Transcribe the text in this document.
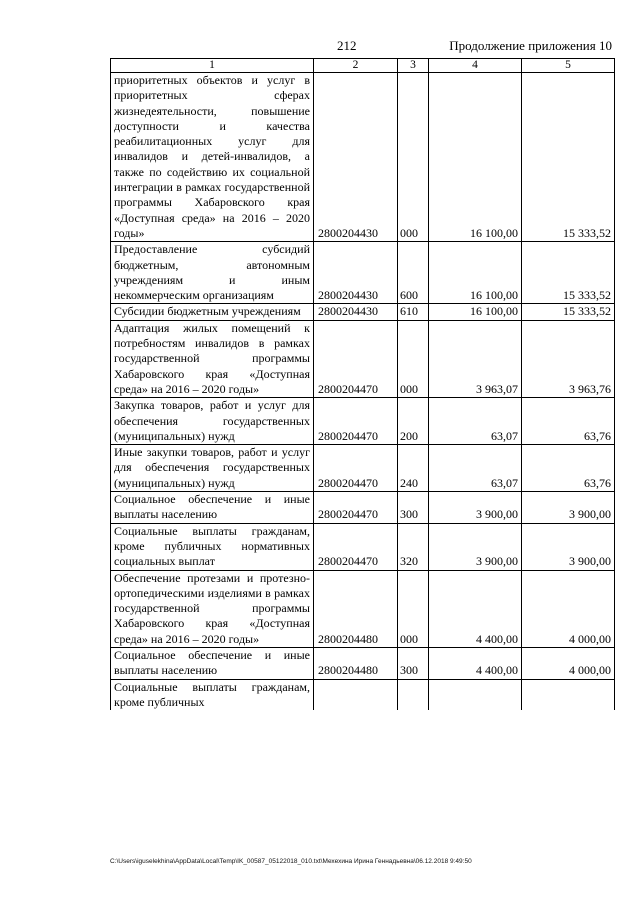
212	Продолжение приложения 10
1	2	3	4	5
приоритетных объектов и услуг в приоритетных сферах жизнедеятельности, повышение доступности и качества реабилитационных услуг для инвалидов и детей-инвалидов, а также по содействию их социальной интеграции в рамках государственной программы Хабаровского края «Доступная среда» на 2016 – 2020 годы»	2800204430	000	16 100,00	15 333,52
Предоставление субсидий бюджетным, автономным учреждениям и иным некоммерческим организациям	2800204430	600	16 100,00	15 333,52
Субсидии бюджетным учреждениям	2800204430	610	16 100,00	15 333,52
Адаптация жилых помещений к потребностям инвалидов в рамках государственной программы Хабаровского края «Доступная среда» на 2016 – 2020 годы»	2800204470	000	3 963,07	3 963,76
Закупка товаров, работ и услуг для обеспечения государственных (муниципальных) нужд	2800204470	200	63,07	63,76
Иные закупки товаров, работ и услуг для обеспечения государственных (муниципальных) нужд	2800204470	240	63,07	63,76
Социальное обеспечение и иные выплаты населению	2800204470	300	3 900,00	3 900,00
Социальные выплаты гражданам, кроме публичных нормативных социальных выплат	2800204470	320	3 900,00	3 900,00
Обеспечение протезами и протезно-ортопедическими изделиями в рамках государственной программы Хабаровского края «Доступная среда» на 2016 – 2020 годы»	2800204480	000	4 400,00	4 000,00
Социальное обеспечение и иные выплаты населению	2800204480	300	4 400,00	4 000,00
Социальные выплаты гражданам, кроме публичных				
C:\Users\iguselekhina\AppData\Local\Temp\IK_00587_05122018_010.txt\Мехехина Ирина Геннадьевна\06.12.2018 9:49:50
